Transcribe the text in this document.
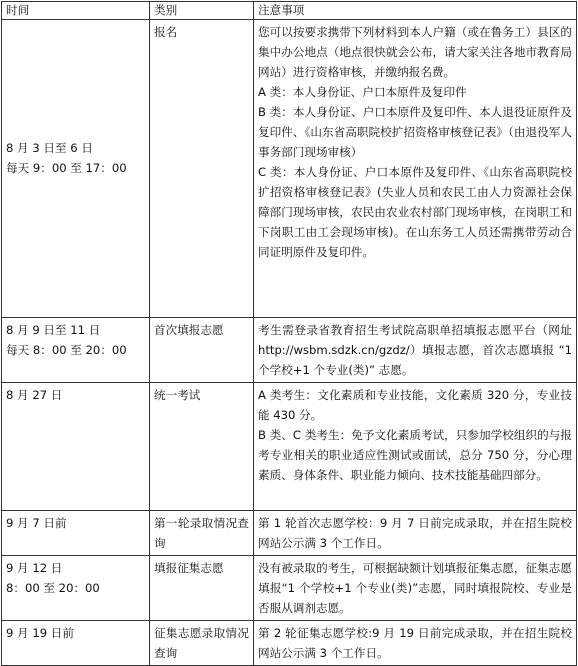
时间	类别	注意事项

8 月 3 日至 6 日
每天 9：00 至 17：00	报名	您可以按要求携带下列材料到本人户籍（或在鲁务工）县区的集中办公地点（地点很快就会公布，请大家关注各地市教育局网站）进行资格审核，并缴纳报名费。
A 类：本人身份证、户口本原件及复印件
B 类：本人身份证、户口本原件及复印件、本人退役证原件及复印件、《山东省高职院校扩招资格审核登记表》（由退役军人事务部门现场审核）
C 类：本人身份证、户口本原件及复印件、《山东省高职院校扩招资格审核登记表》(失业人员和农民工由人力资源社会保障部门现场审核，农民由农业农村部门现场审核，在岗职工和下岗职工由工会现场审核)。在山东务工人员还需携带劳动合同证明原件及复印件。

8 月 9 日至 11 日
每天 8：00 至 20：00	首次填报志愿	考生需登录省教育招生考试院高职单招填报志愿平台（网址 http://wsbm.sdzk.cn/gzdz/）填报志愿，首次志愿填报 “1 个学校+1 个专业(类)” 志愿。

8 月 27 日	统一考试	A 类考生：文化素质和专业技能，文化素质 320 分，专业技能 430 分。
B 类、C 类考生：免予文化素质考试，只参加学校组织的与报考专业相关的职业适应性测试或面试，总分 750 分，分心理素质、身体条件、职业能力倾向、技术技能基础四部分。

9 月 7 日前	第一轮录取情况查询	第 1 轮首次志愿学校：9 月 7 日前完成录取，并在招生院校网站公示满 3 个工作日。

9 月 12 日
8：00 至 20：00	填报征集志愿	没有被录取的考生，可根据缺额计划填报征集志愿，征集志愿填报“1 个学校+1 个专业(类)”志愿，同时填报院校、专业是否服从调剂志愿。

9 月 19 日前	征集志愿录取情况查询	第 2 轮征集志愿学校:9 月 19 日前完成录取，并在招生院校网站公示满 3 个工作日。
